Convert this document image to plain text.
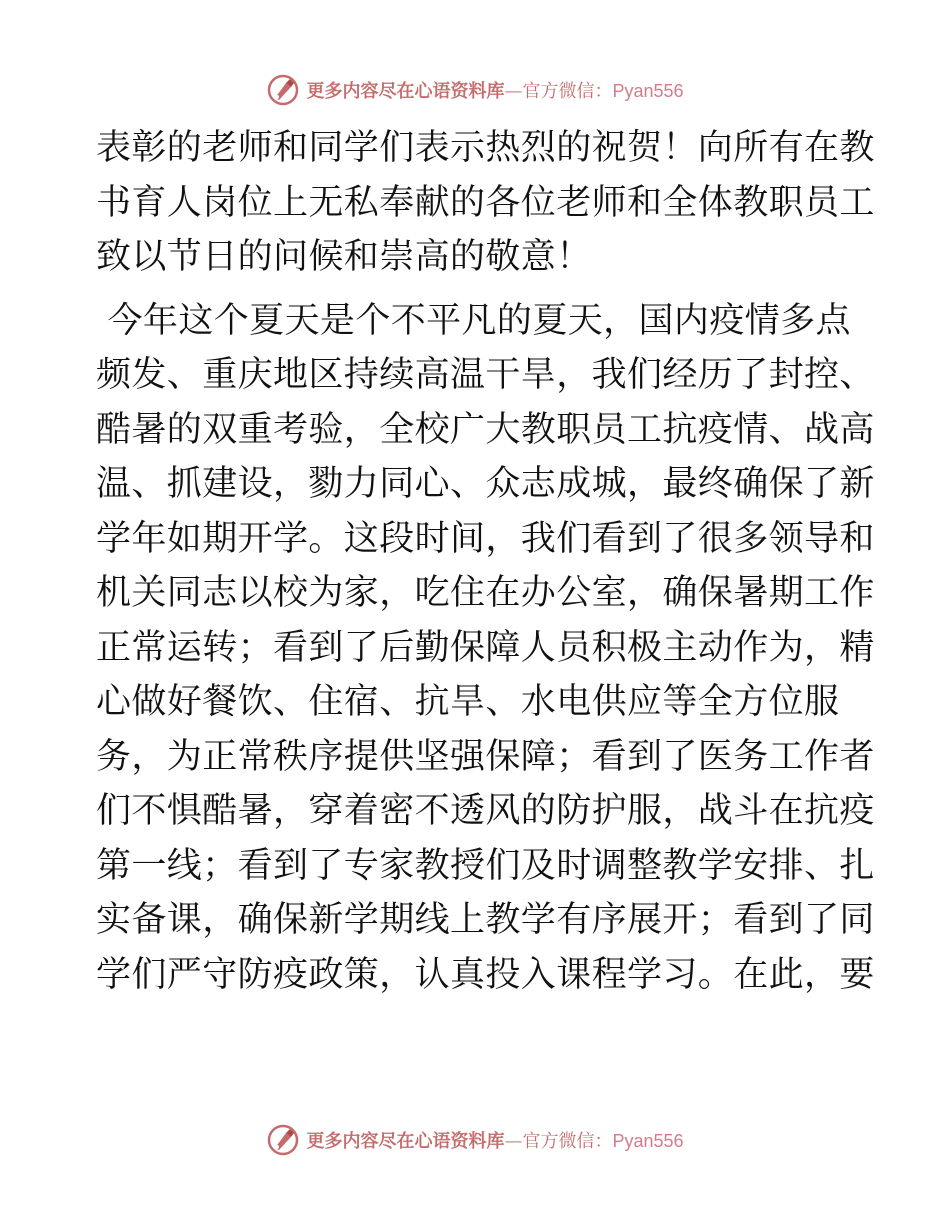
更多内容尽在心语资料库—官方微信：Pyan556
表彰的老师和同学们表示热烈的祝贺！向所有在教
书育人岗位上无私奉献的各位老师和全体教职员工
致以节日的问候和崇高的敬意！
今年这个夏天是个不平凡的夏天，国内疫情多点
频发、重庆地区持续高温干旱，我们经历了封控、
酷暑的双重考验，全校广大教职员工抗疫情、战高
温、抓建设，勠力同心、众志成城，最终确保了新
学年如期开学。这段时间，我们看到了很多领导和
机关同志以校为家，吃住在办公室，确保暑期工作
正常运转；看到了后勤保障人员积极主动作为，精
心做好餐饮、住宿、抗旱、水电供应等全方位服
务，为正常秩序提供坚强保障；看到了医务工作者
们不惧酷暑，穿着密不透风的防护服，战斗在抗疫
第一线；看到了专家教授们及时调整教学安排、扎
实备课，确保新学期线上教学有序展开；看到了同
学们严守防疫政策，认真投入课程学习。在此，要
更多内容尽在心语资料库—官方微信：Pyan556
